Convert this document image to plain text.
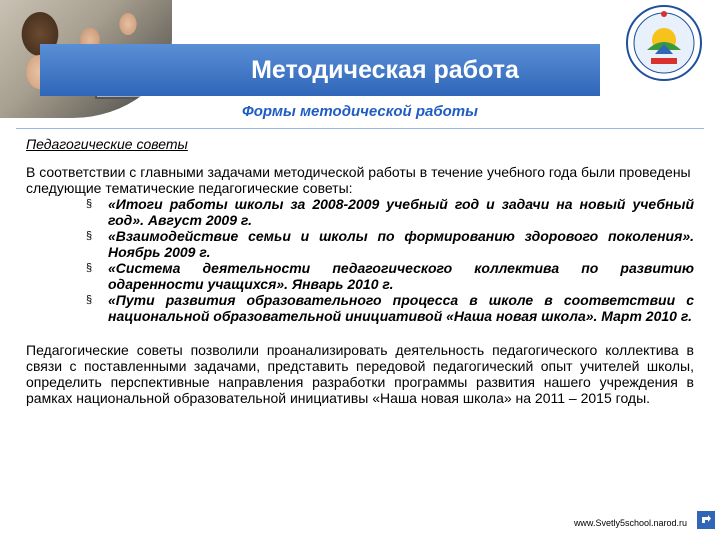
Методическая работа
Формы методической работы

Педагогические советы

В соответствии с главными задачами методической работы в течение учебного года были проведены следующие тематические педагогические советы:

§ «Итоги работы школы за 2008-2009 учебный год и задачи на новый учебный год». Август 2009 г.
§ «Взаимодействие семьи и школы по формированию здорового поколения». Ноябрь 2009 г.
§ «Система деятельности педагогического коллектива по развитию одаренности учащихся». Январь 2010 г.
§ «Пути развития образовательного процесса в школе в соответствии с национальной образовательной инициативой «Наша новая школа». Март 2010 г.

Педагогические советы позволили проанализировать деятельность педагогического коллектива в связи с поставленными задачами, представить передовой педагогический опыт учителей школы, определить перспективные направления разработки программы развития нашего учреждения в рамках национальной образовательной инициативы «Наша новая школа» на 2011 – 2015 годы.

www.Svetly5school.narod.ru
